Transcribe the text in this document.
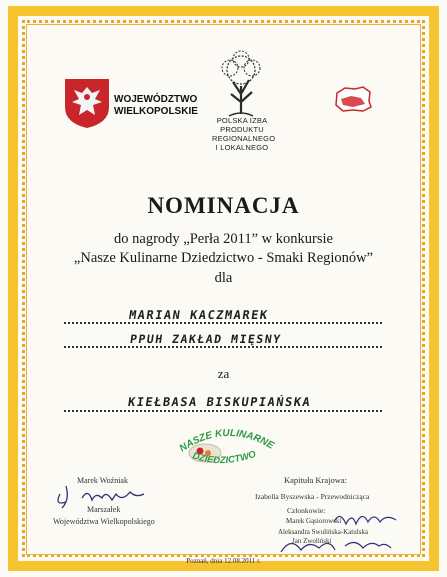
WOJEWÓDZTWO
WIELKOPOLSKIE
POLSKA IZBA
PRODUKTU
REGIONALNEGO
I LOKALNEGO
NOMINACJA
do nagrody „Perła 2011” w konkursie
„Nasze Kulinarne Dziedzictwo - Smaki Regionów”
dla
MARIAN KACZMAREK
PPUH ZAKŁAD MIĘSNY
za
KIEŁBASA BISKUPIAŃSKA
NASZE KULINARNE
DZIEDZICTWO
Marek Woźniak
Marszałek
Województwa Wielkopolskiego
Kapituła Krajowa:
Izabella Byszewska - Przewodnicząca
Członkowie:
Marek Gąsiorowski
Aleksandra Swulińska-Katulska
Jan Zwoliński
Poznań, dnia 12.08.2011 r.
